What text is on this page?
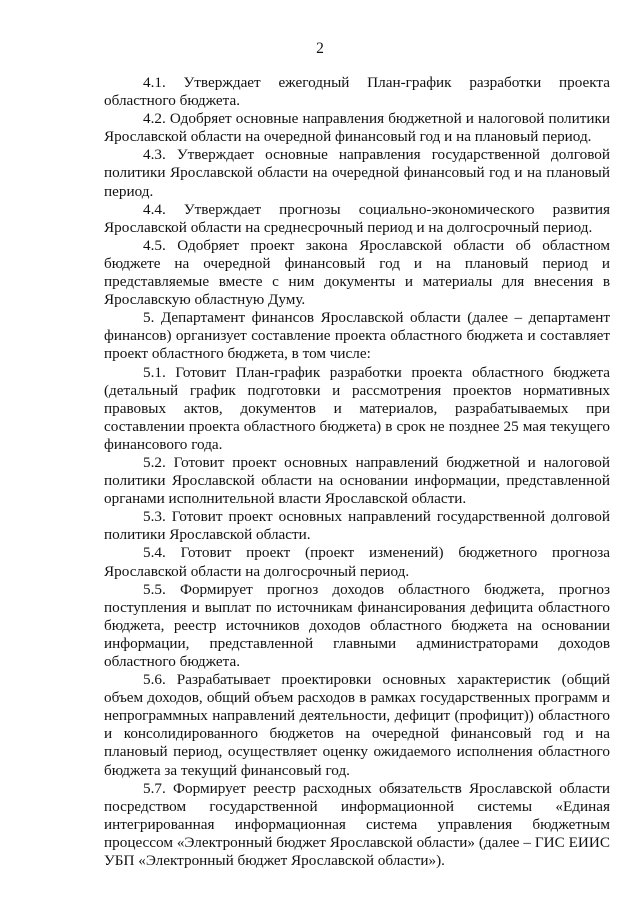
2

4.1. Утверждает ежегодный План-график разработки проекта областного бюджета.

4.2. Одобряет основные направления бюджетной и налоговой политики Ярославской области на очередной финансовый год и на плановый период.

4.3. Утверждает основные направления государственной долговой политики Ярославской области на очередной финансовый год и на плановый период.

4.4. Утверждает прогнозы социально-экономического развития Ярославской области на среднесрочный период и на долгосрочный период.

4.5. Одобряет проект закона Ярославской области об областном бюджете на очередной финансовый год и на плановый период и представляемые вместе с ним документы и материалы для внесения в Ярославскую областную Думу.

5. Департамент финансов Ярославской области (далее – департамент финансов) организует составление проекта областного бюджета и составляет проект областного бюджета, в том числе:

5.1. Готовит План-график разработки проекта областного бюджета (детальный график подготовки и рассмотрения проектов нормативных правовых актов, документов и материалов, разрабатываемых при составлении проекта областного бюджета) в срок не позднее 25 мая текущего финансового года.

5.2. Готовит проект основных направлений бюджетной и налоговой политики Ярославской области на основании информации, представленной органами исполнительной власти Ярославской области.

5.3. Готовит проект основных направлений государственной долговой политики Ярославской области.

5.4. Готовит проект (проект изменений) бюджетного прогноза Ярославской области на долгосрочный период.

5.5. Формирует прогноз доходов областного бюджета, прогноз поступления и выплат по источникам финансирования дефицита областного бюджета, реестр источников доходов областного бюджета на основании информации, представленной главными администраторами доходов областного бюджета.

5.6. Разрабатывает проектировки основных характеристик (общий объем доходов, общий объем расходов в рамках государственных программ и непрограммных направлений деятельности, дефицит (профицит)) областного и консолидированного бюджетов на очередной финансовый год и на плановый период, осуществляет оценку ожидаемого исполнения областного бюджета за текущий финансовый год.

5.7. Формирует реестр расходных обязательств Ярославской области посредством государственной информационной системы «Единая интегрированная информационная система управления бюджетным процессом «Электронный бюджет Ярославской области» (далее – ГИС ЕИИС УБП «Электронный бюджет Ярославской области»).
